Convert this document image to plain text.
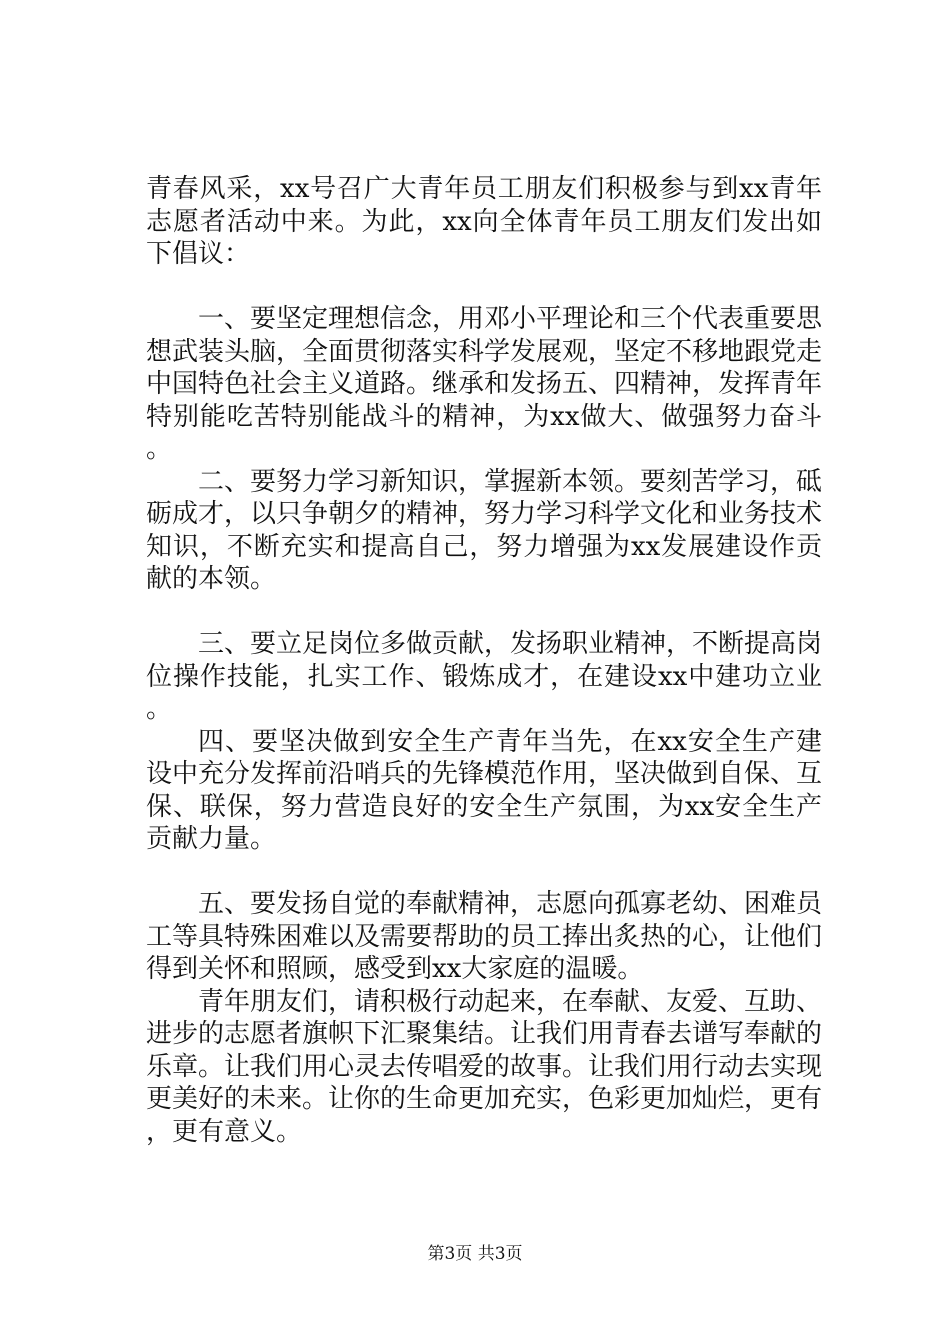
青春风采，xx号召广大青年员工朋友们积极参与到xx青年志愿者活动中来。为此，xx向全体青年员工朋友们发出如下倡议：

一、要坚定理想信念，用邓小平理论和三个代表重要思想武装头脑，全面贯彻落实科学发展观，坚定不移地跟党走中国特色社会主义道路。继承和发扬五、四精神，发挥青年特别能吃苦特别能战斗的精神，为xx做大、做强努力奋斗。

二、要努力学习新知识，掌握新本领。要刻苦学习，砥砺成才，以只争朝夕的精神，努力学习科学文化和业务技术知识，不断充实和提高自己，努力增强为xx发展建设作贡献的本领。

三、要立足岗位多做贡献，发扬职业精神，不断提高岗位操作技能，扎实工作、锻炼成才，在建设xx中建功立业。

四、要坚决做到安全生产青年当先，在xx安全生产建设中充分发挥前沿哨兵的先锋模范作用，坚决做到自保、互保、联保，努力营造良好的安全生产氛围，为xx安全生产贡献力量。

五、要发扬自觉的奉献精神，志愿向孤寡老幼、困难员工等具特殊困难以及需要帮助的员工捧出炙热的心，让他们得到关怀和照顾，感受到xx大家庭的温暖。

青年朋友们，请积极行动起来，在奉献、友爱、互助、进步的志愿者旗帜下汇聚集结。让我们用青春去谱写奉献的乐章。让我们用心灵去传唱爱的故事。让我们用行动去实现更美好的未来。让你的生命更加充实，色彩更加灿烂，更有，更有意义。

第3页 共3页
